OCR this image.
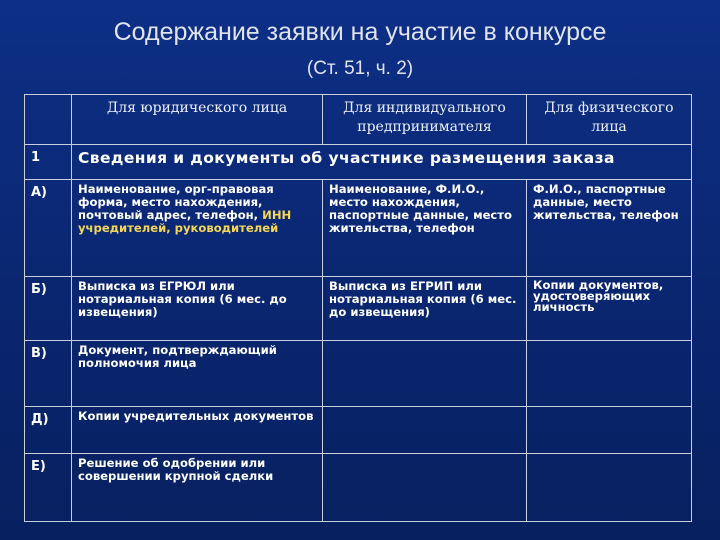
Содержание заявки на участие в конкурсе
(Ст. 51, ч. 2)
	Для юридического лица	Для индивидуального предпринимателя	Для физического лица
1	Сведения и документы об участнике размещения заказа		
А)	Наименование, орг-правовая форма, место нахождения, почтовый адрес, телефон, ИНН учредителей, руководителей	Наименование, Ф.И.О., место нахождения, паспортные данные, место жительства, телефон	Ф.И.О., паспортные данные, место жительства, телефон
Б)	Выписка из ЕГРЮЛ или нотариальная копия (6 мес. до извещения)	Выписка из ЕГРИП или нотариальная копия (6 мес. до извещения)	Копии документов, удостоверяющих личность
В)	Документ, подтверждающий полномочия лица		
Д)	Копии учредительных документов		
Е)	Решение об одобрении или совершении крупной сделки		
